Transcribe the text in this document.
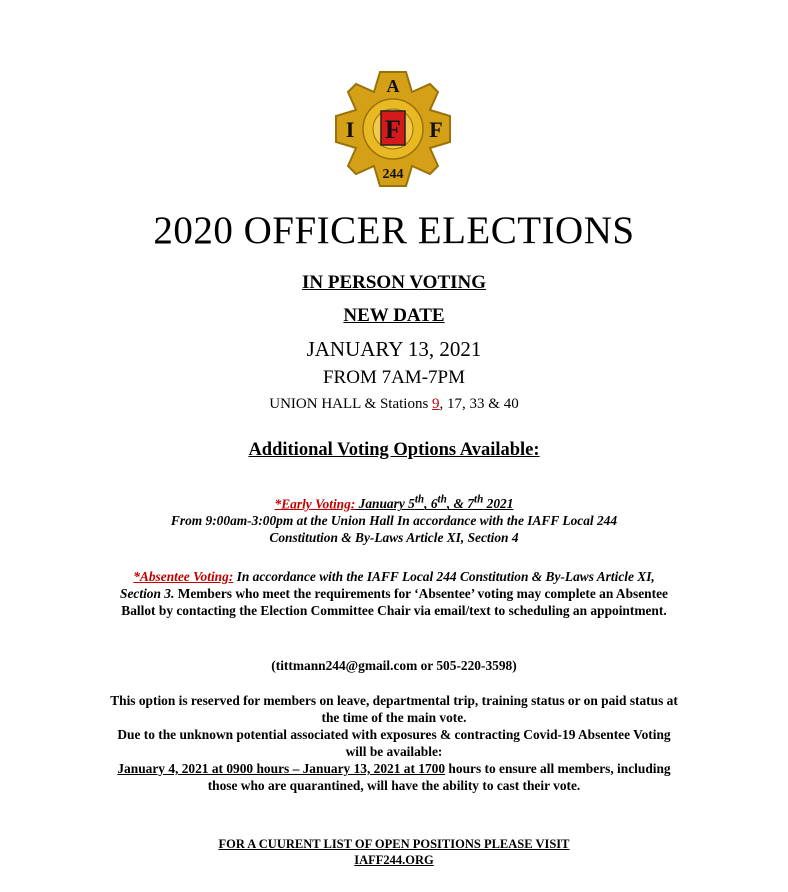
F
A
I	F
244
2020 OFFICER ELECTIONS
IN PERSON VOTING
NEW DATE
JANUARY 13, 2021
FROM 7AM-7PM
UNION HALL & Stations 9, 17, 33 & 40
Additional Voting Options Available:
*Early Voting: January 5th, 6th, & 7th 2021
From 9:00am-3:00pm at the Union Hall In accordance with the IAFF Local 244
Constitution & By-Laws Article XI, Section 4
*Absentee Voting: In accordance with the IAFF Local 244 Constitution & By-Laws Article XI, Section 3. Members who meet the requirements for ‘Absentee’ voting may complete an Absentee Ballot by contacting the Election Committee Chair via email/text to scheduling an appointment.
(tittmann244@gmail.com or 505-220-3598)
This option is reserved for members on leave, departmental trip, training status or on paid status at the time of the main vote.
Due to the unknown potential associated with exposures & contracting Covid-19 Absentee Voting will be available:
January 4, 2021 at 0900 hours – January 13, 2021 at 1700 hours to ensure all members, including those who are quarantined, will have the ability to cast their vote.
FOR A CUURENT LIST OF OPEN POSITIONS PLEASE VISIT
IAFF244.ORG
